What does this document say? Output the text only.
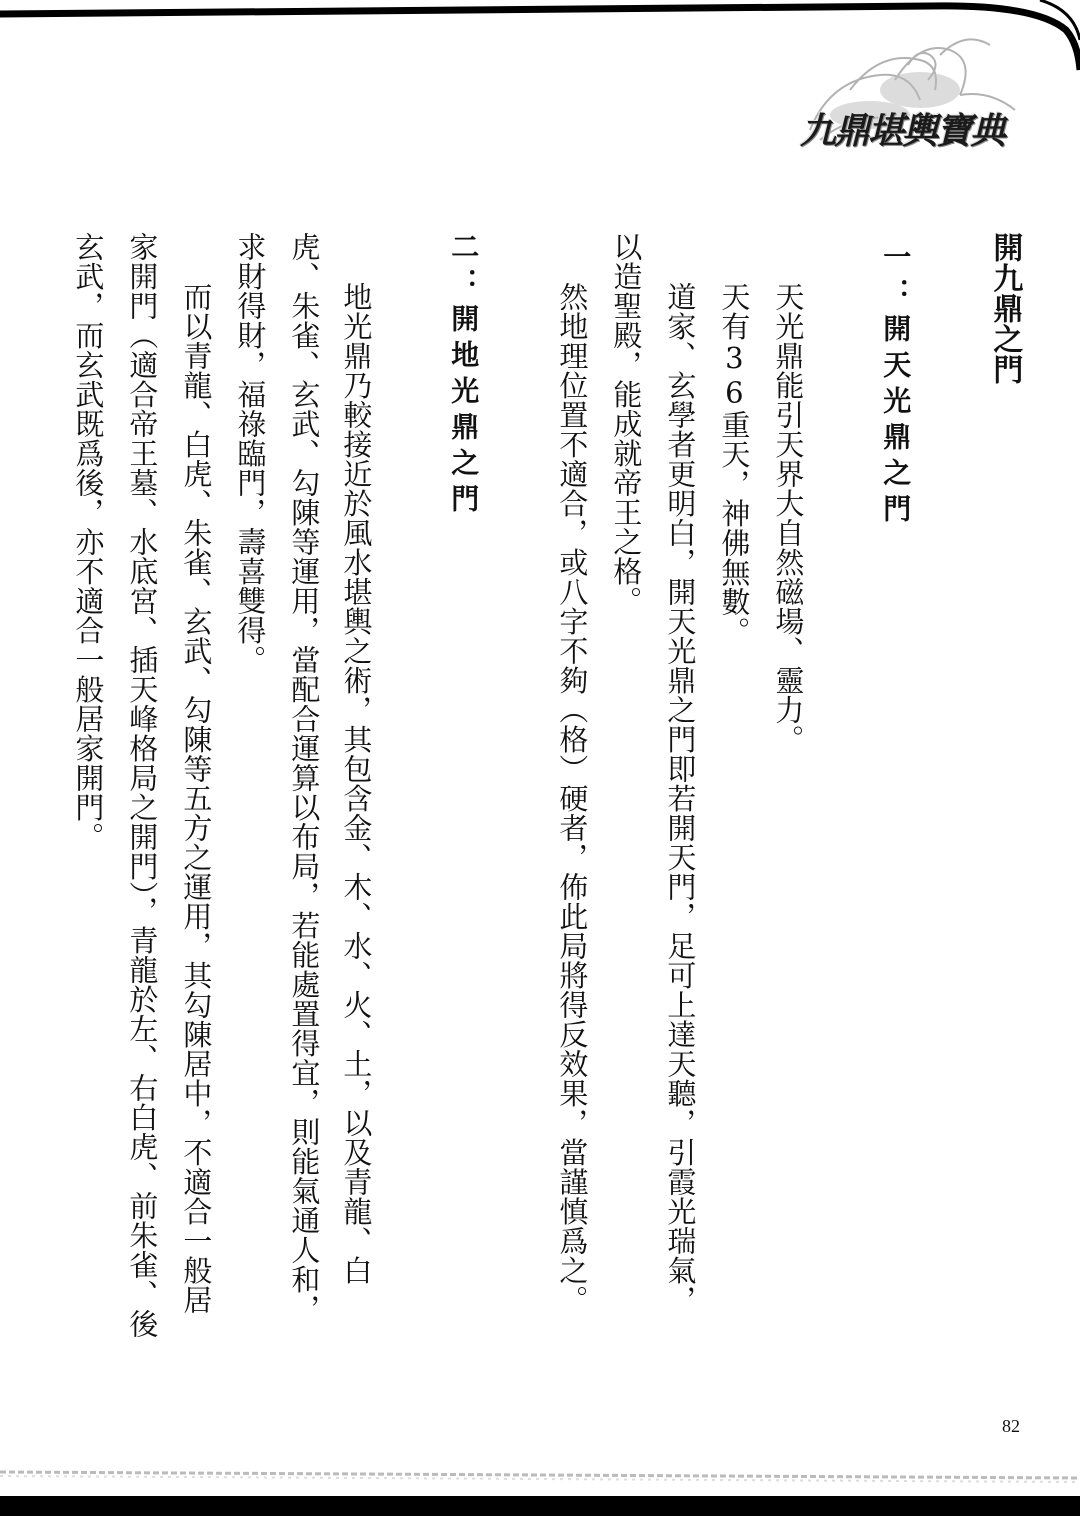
九鼎堪輿寶典
開九鼎之門
一：開天光鼎之門
天光鼎能引天界大自然磁場、靈力。
天有36重天，神佛無數。
道家、玄學者更明白，開天光鼎之門即若開天門，足可上達天聽，引霞光瑞氣，
以造聖殿，能成就帝王之格。
然地理位置不適合，或八字不夠（格）硬者，佈此局將得反效果，當謹慎爲之。
二：開地光鼎之門
地光鼎乃較接近於風水堪輿之術，其包含金、木、水、火、土，以及青龍、白
虎、朱雀、玄武、勾陳等運用，當配合運算以布局，若能處置得宜，則能氣通人和，
求財得財，福祿臨門，壽喜雙得。
而以青龍、白虎、朱雀、玄武、勾陳等五方之運用，其勾陳居中，不適合一般居
家開門（適合帝王墓、水底宮、插天峰格局之開門），青龍於左、右白虎、前朱雀、後
玄武，而玄武既爲後，亦不適合一般居家開門。
82
